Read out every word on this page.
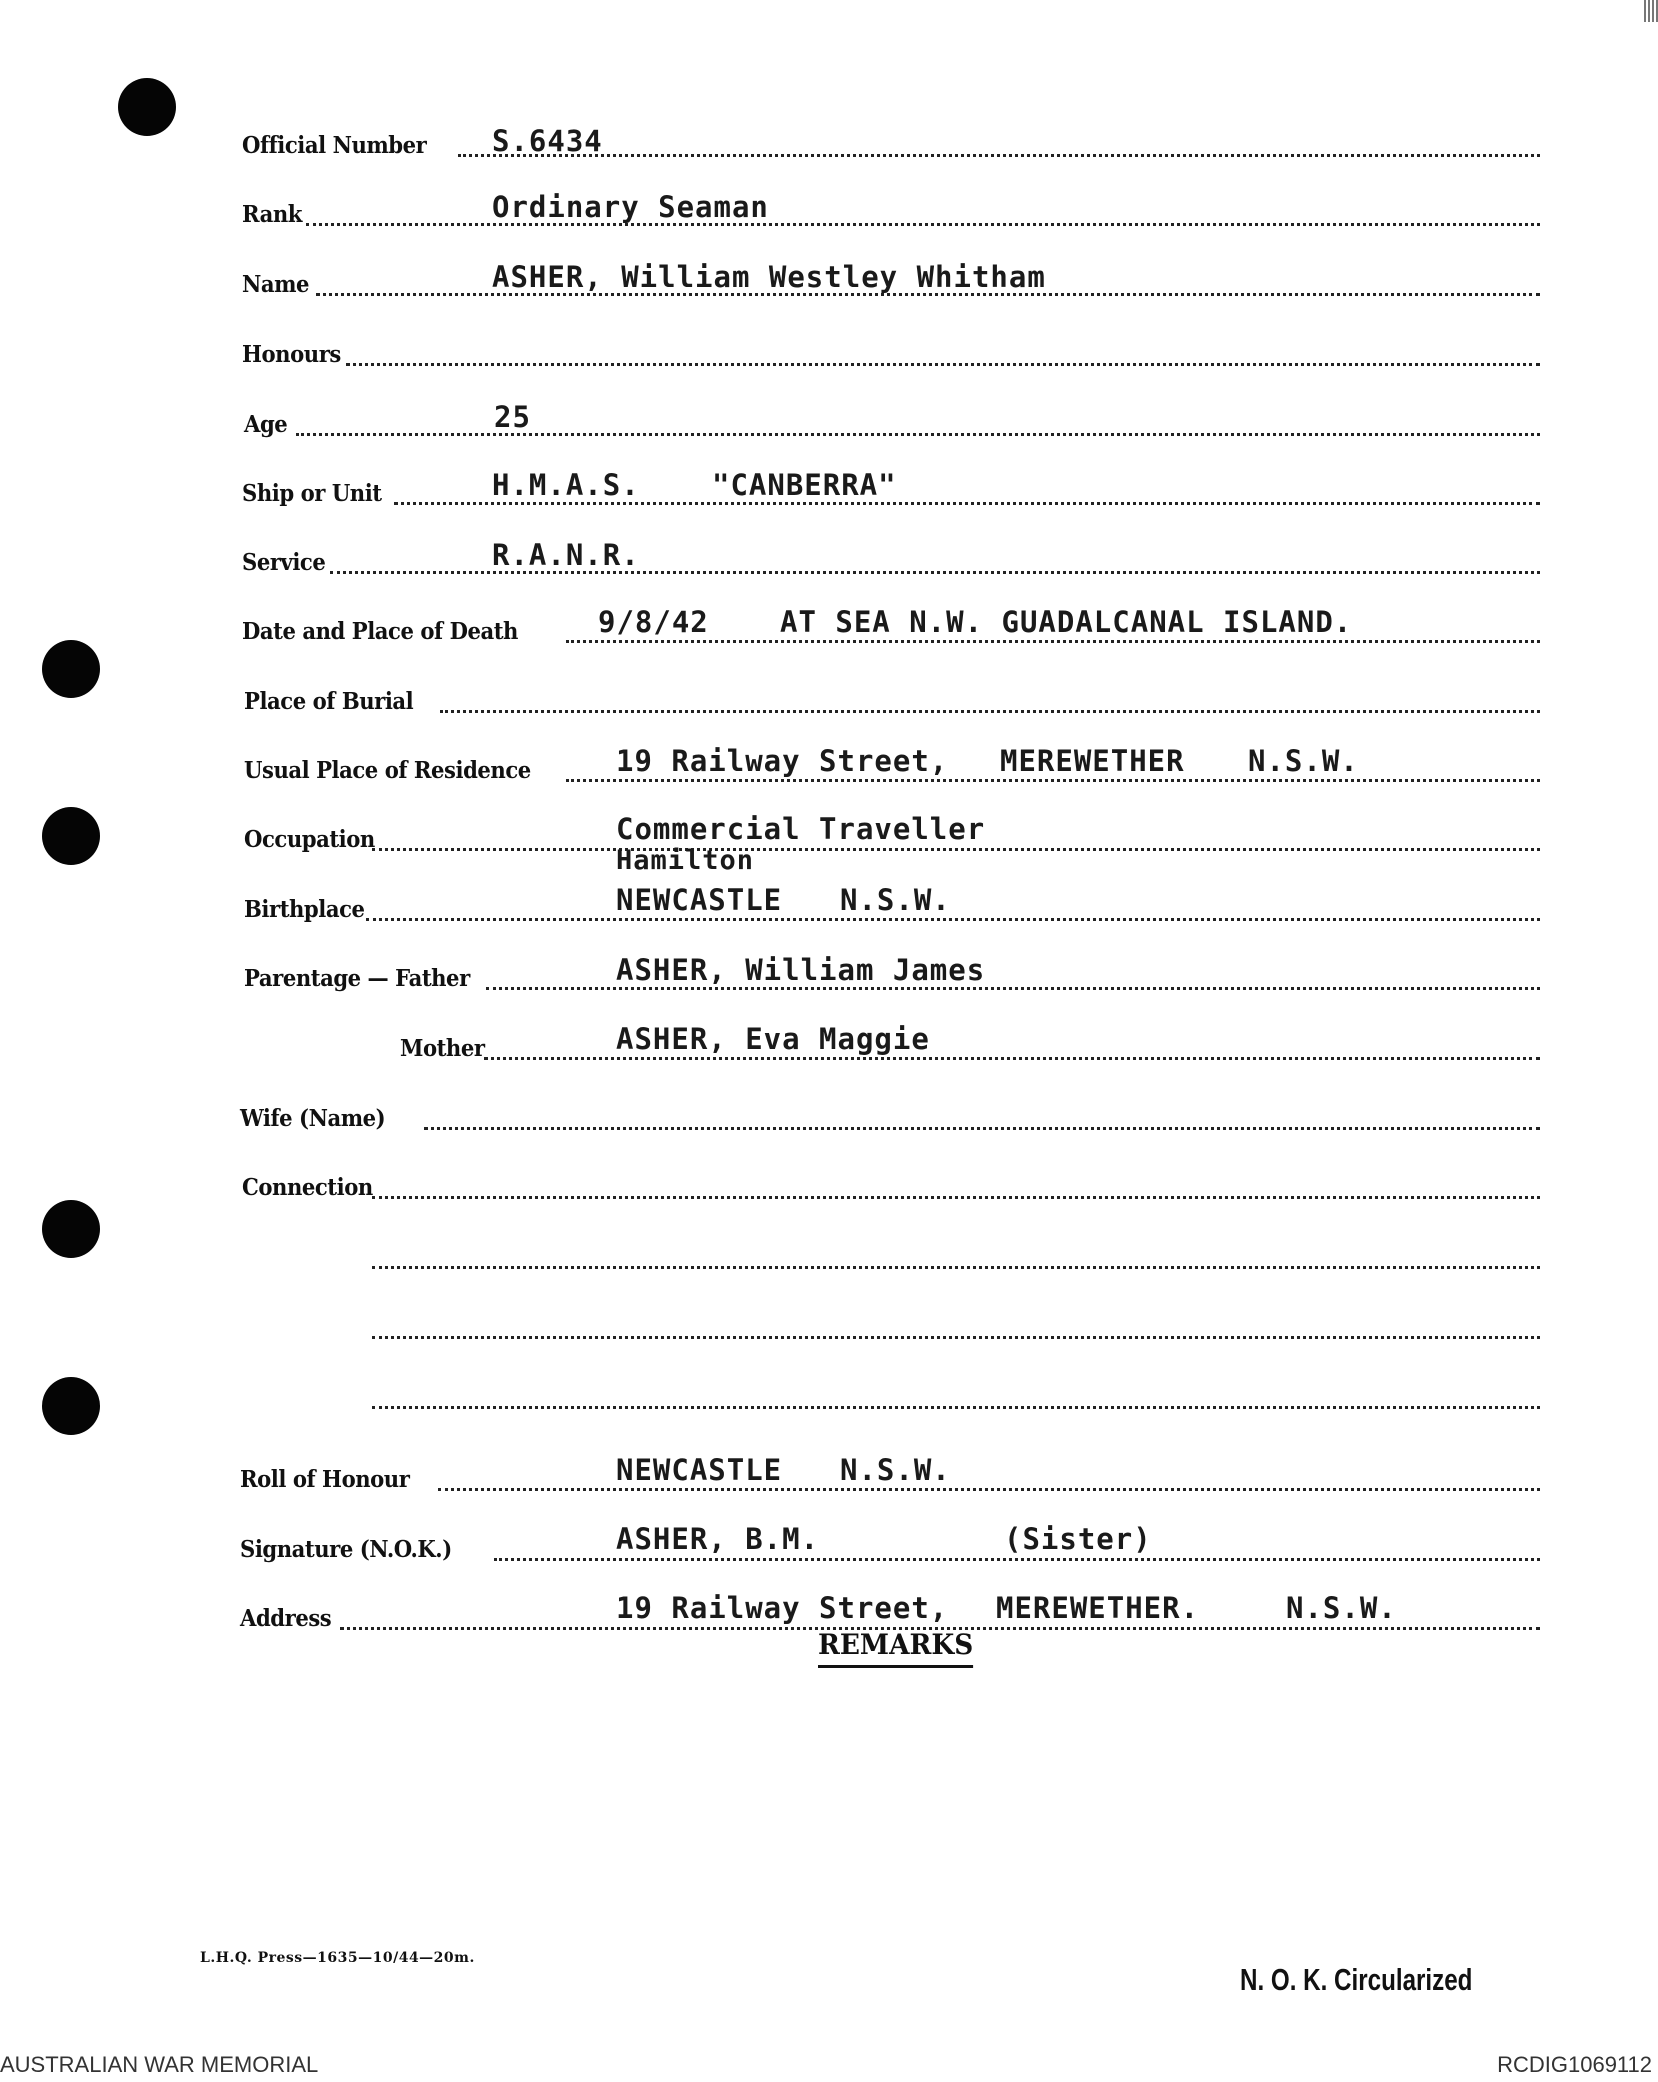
Official Number S.6434
Rank	Ordinary Seaman
Name	ASHER, William Westley Whitham
Honours
Age	25
Ship or Unit	H.M.A.S. "CANBERRA"
Service	R.A.N.R.
Date and Place of Death	9/8/42 AT SEA N.W. GUADALCANAL ISLAND.
Place of Burial
Usual Place of Residence	19 Railway Street, MEREWETHER N.S.W.
Occupation	Commercial Traveller
Hamilton
Birthplace	NEWCASTLE N.S.W.
Parentage — Father	ASHER, William James
Mother	ASHER, Eva Maggie
Wife (Name)
Connection
Roll of Honour	NEWCASTLE N.S.W.
Signature (N.O.K.)	ASHER, B.M.	(Sister)
Address	19 Railway Street, MEREWETHER.	N.S.W.
REMARKS
L.H.Q. Press—1635—10/44—20m.
N. O. K. Circularized
AUSTRALIAN WAR MEMORIAL	RCDIG1069112
